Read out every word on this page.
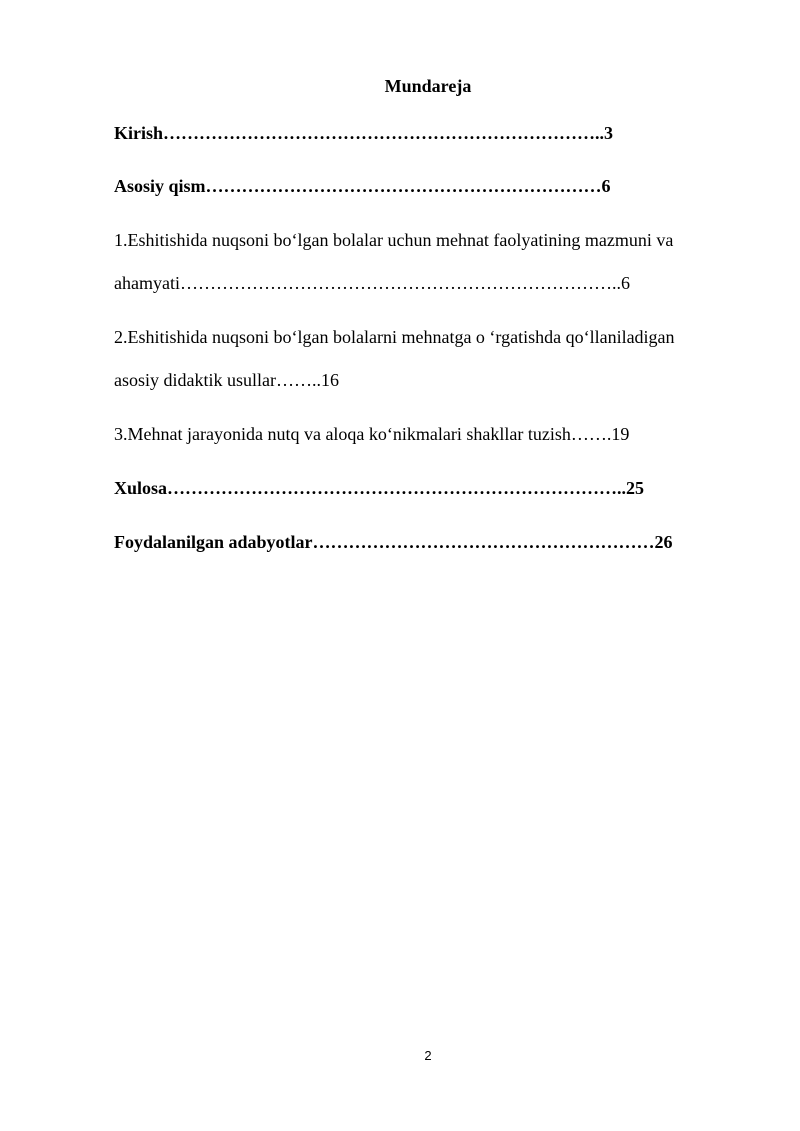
Mundareja
Kirish………………………………………………………………..3
Asosiy qism…………………………………………………………6
1.Eshitishida nuqsoni bo‘lgan bolalar uchun mehnat faolyatining mazmuni va
ahamyati………………………………………………………………..6
2.Eshitishida nuqsoni bo‘lgan bolalarni mehnatga o ‘rgatishda qo‘llaniladigan
asosiy didaktik usullar……..16
3.Mehnat jarayonida nutq va aloqa ko‘nikmalari shakllar tuzish…….19
Xulosa…………………………………………………………………..25
Foydalanilgan adabyotlar…………………………………………………26
2
